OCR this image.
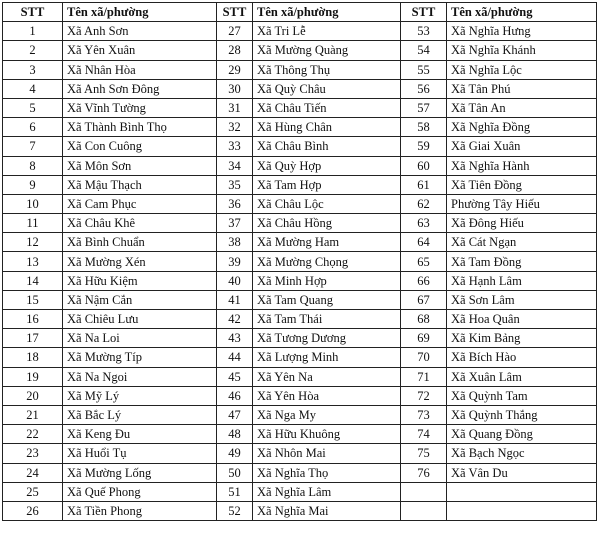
STT	Tên xã/phường	STT	Tên xã/phường	STT	Tên xã/phường
1	Xã Anh Sơn	27	Xã Tri Lễ	53	Xã Nghĩa Hưng
2	Xã Yên Xuân	28	Xã Mường Quàng	54	Xã Nghĩa Khánh
3	Xã Nhân Hòa	29	Xã Thông Thụ	55	Xã Nghĩa Lộc
4	Xã Anh Sơn Đông	30	Xã Quỳ Châu	56	Xã Tân Phú
5	Xã Vĩnh Tường	31	Xã Châu Tiến	57	Xã Tân An
6	Xã Thành Bình Thọ	32	Xã Hùng Chân	58	Xã Nghĩa Đồng
7	Xã Con Cuông	33	Xã Châu Bình	59	Xã Giai Xuân
8	Xã Môn Sơn	34	Xã Quỳ Hợp	60	Xã Nghĩa Hành
9	Xã Mậu Thạch	35	Xã Tam Hợp	61	Xã Tiên Đồng
10	Xã Cam Phục	36	Xã Châu Lộc	62	Phường Tây Hiếu
11	Xã Châu Khê	37	Xã Châu Hồng	63	Xã Đông Hiếu
12	Xã Bình Chuẩn	38	Xã Mường Ham	64	Xã Cát Ngạn
13	Xã Mường Xén	39	Xã Mường Chọng	65	Xã Tam Đồng
14	Xã Hữu Kiệm	40	Xã Minh Hợp	66	Xã Hạnh Lâm
15	Xã Nậm Cắn	41	Xã Tam Quang	67	Xã Sơn Lâm
16	Xã Chiêu Lưu	42	Xã Tam Thái	68	Xã Hoa Quân
17	Xã Na Loi	43	Xã Tương Dương	69	Xã Kim Bảng
18	Xã Mường Típ	44	Xã Lượng Minh	70	Xã Bích Hào
19	Xã Na Ngoi	45	Xã Yên Na	71	Xã Xuân Lâm
20	Xã Mỹ Lý	46	Xã Yên Hòa	72	Xã Quỳnh Tam
21	Xã Bắc Lý	47	Xã Nga My	73	Xã Quỳnh Thắng
22	Xã Keng Đu	48	Xã Hữu Khuông	74	Xã Quang Đồng
23	Xã Huổi Tụ	49	Xã Nhôn Mai	75	Xã Bạch Ngọc
24	Xã Mường Lống	50	Xã Nghĩa Thọ	76	Xã Vân Du
25	Xã Quế Phong	51	Xã Nghĩa Lâm		
26	Xã Tiền Phong	52	Xã Nghĩa Mai		
